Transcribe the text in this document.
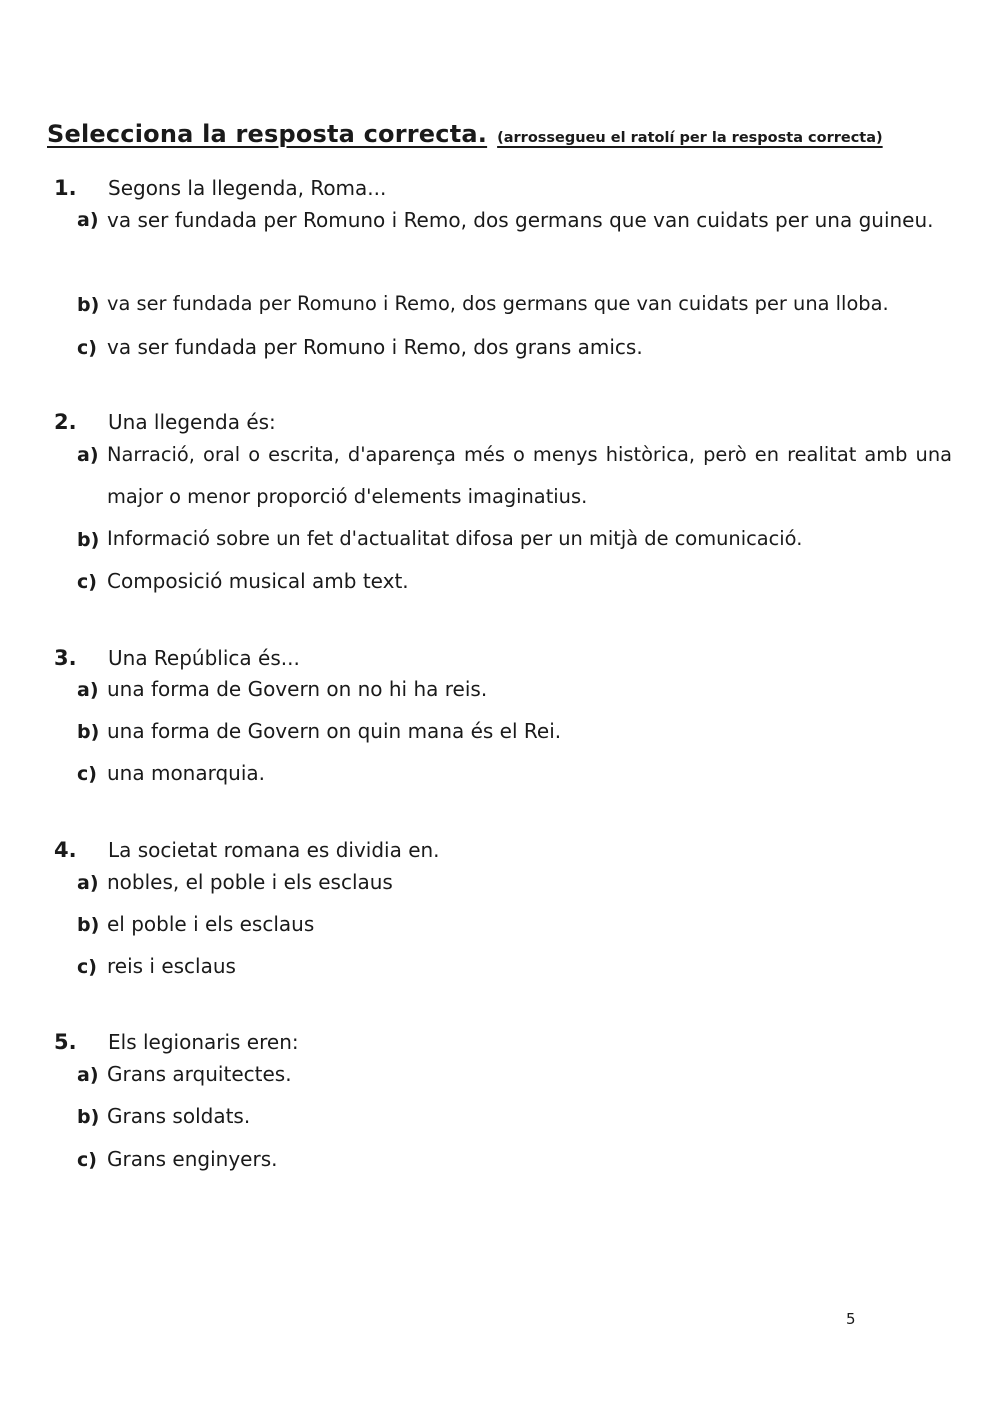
Selecciona la resposta correcta. (arrossegueu el ratolí per la resposta correcta)
1. Segons la llegenda, Roma...
a) va ser fundada per Romuno i Remo, dos germans que van cuidats per una guineu.
b) va ser fundada per Romuno i Remo, dos germans que van cuidats per una lloba.
c) va ser fundada per Romuno i Remo, dos grans amics.
2. Una llegenda és:
a) Narració, oral o escrita, d'aparença més o menys històrica, però en realitat amb una major o menor proporció d'elements imaginatius.
b) Informació sobre un fet d'actualitat difosa per un mitjà de comunicació.
c) Composició musical amb text.
3. Una República és...
a) una forma de Govern on no hi ha reis.
b) una forma de Govern on quin mana és el Rei.
c) una monarquia.
4. La societat romana es dividia en.
a) nobles, el poble i els esclaus
b) el poble i els esclaus
c) reis i esclaus
5. Els legionaris eren:
a) Grans arquitectes.
b) Grans soldats.
c) Grans enginyers.
5
